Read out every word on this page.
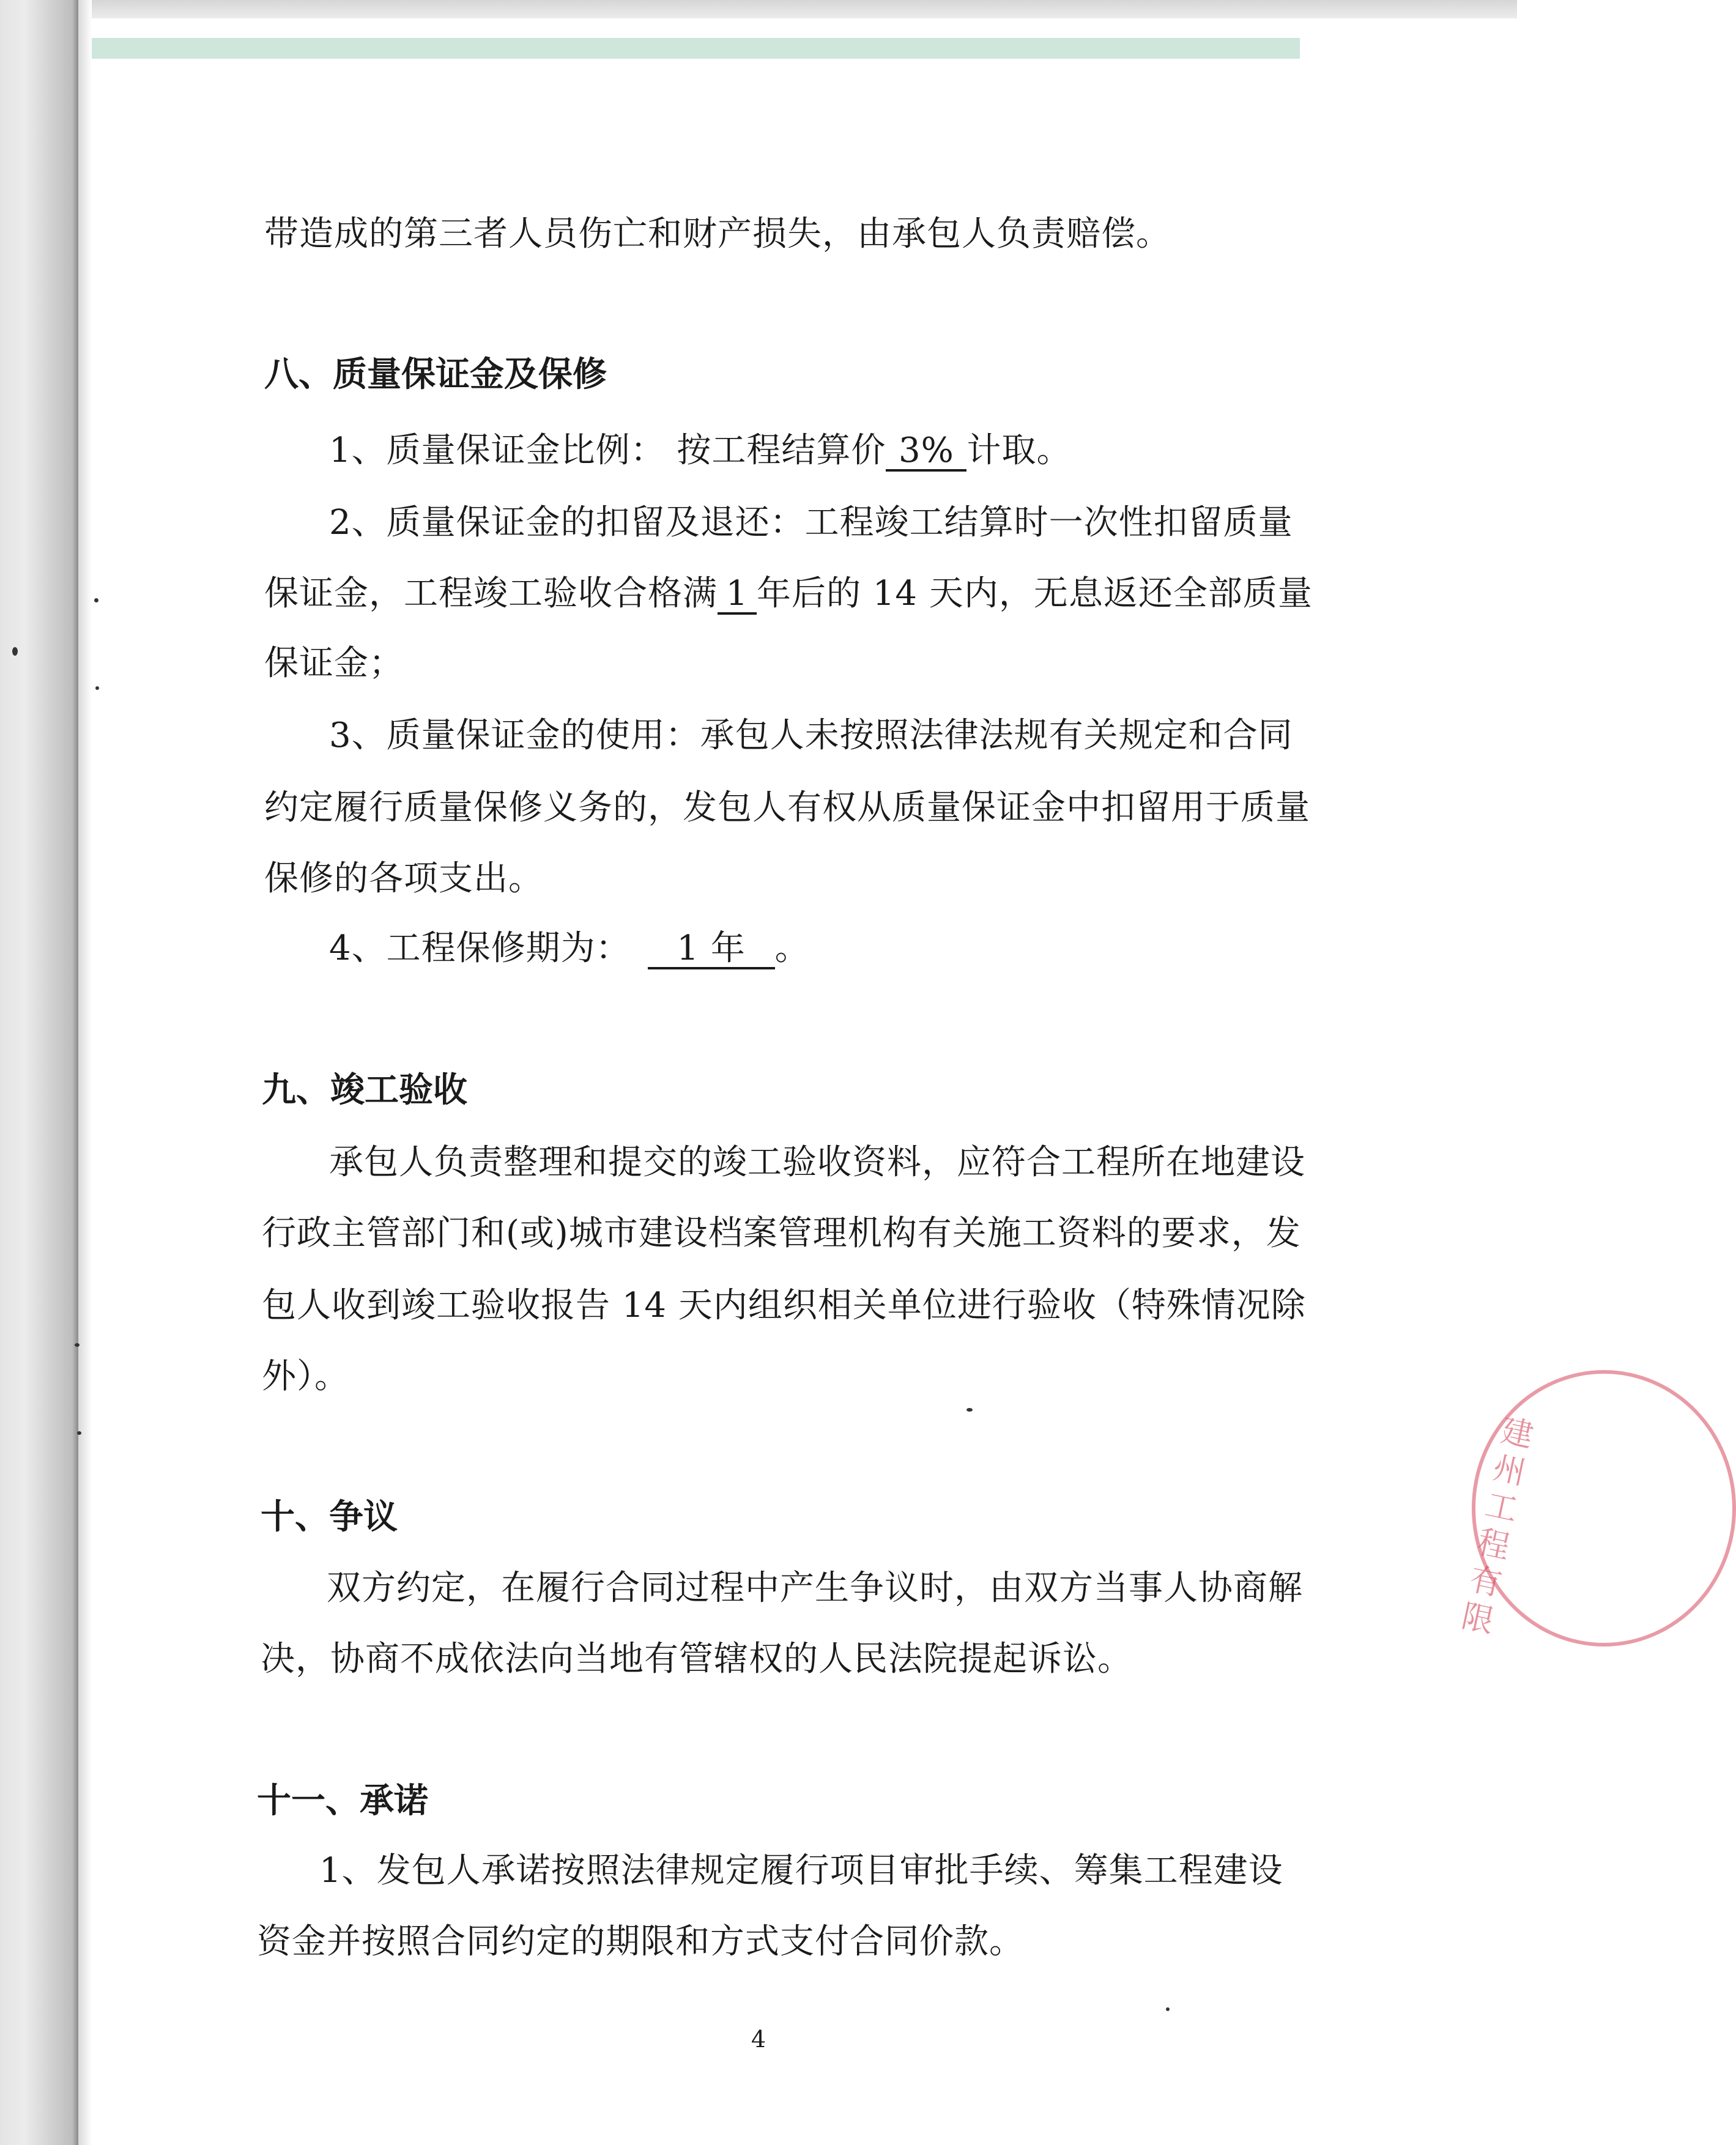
建州工程有限
带造成的第三者人员伤亡和财产损失，由承包人负责赔偿。
八、质量保证金及保修
1、质量保证金比例： 按工程结算价 3% 计取。
2、质量保证金的扣留及退还：工程竣工结算时一次性扣留质量
保证金，工程竣工验收合格满 1 年后的 14 天内，无息返还全部质量
保证金；
3、质量保证金的使用：承包人未按照法律法规有关规定和合同
约定履行质量保修义务的，发包人有权从质量保证金中扣留用于质量
保修的各项支出。
4、工程保修期为： 1 年 。
九、竣工验收
承包人负责整理和提交的竣工验收资料，应符合工程所在地建设
行政主管部门和(或)城市建设档案管理机构有关施工资料的要求，发
包人收到竣工验收报告 14 天内组织相关单位进行验收（特殊情况除
外）。
十、争议
双方约定，在履行合同过程中产生争议时，由双方当事人协商解
决，协商不成依法向当地有管辖权的人民法院提起诉讼。
十一、承诺
1、发包人承诺按照法律规定履行项目审批手续、筹集工程建设
资金并按照合同约定的期限和方式支付合同价款。
4
